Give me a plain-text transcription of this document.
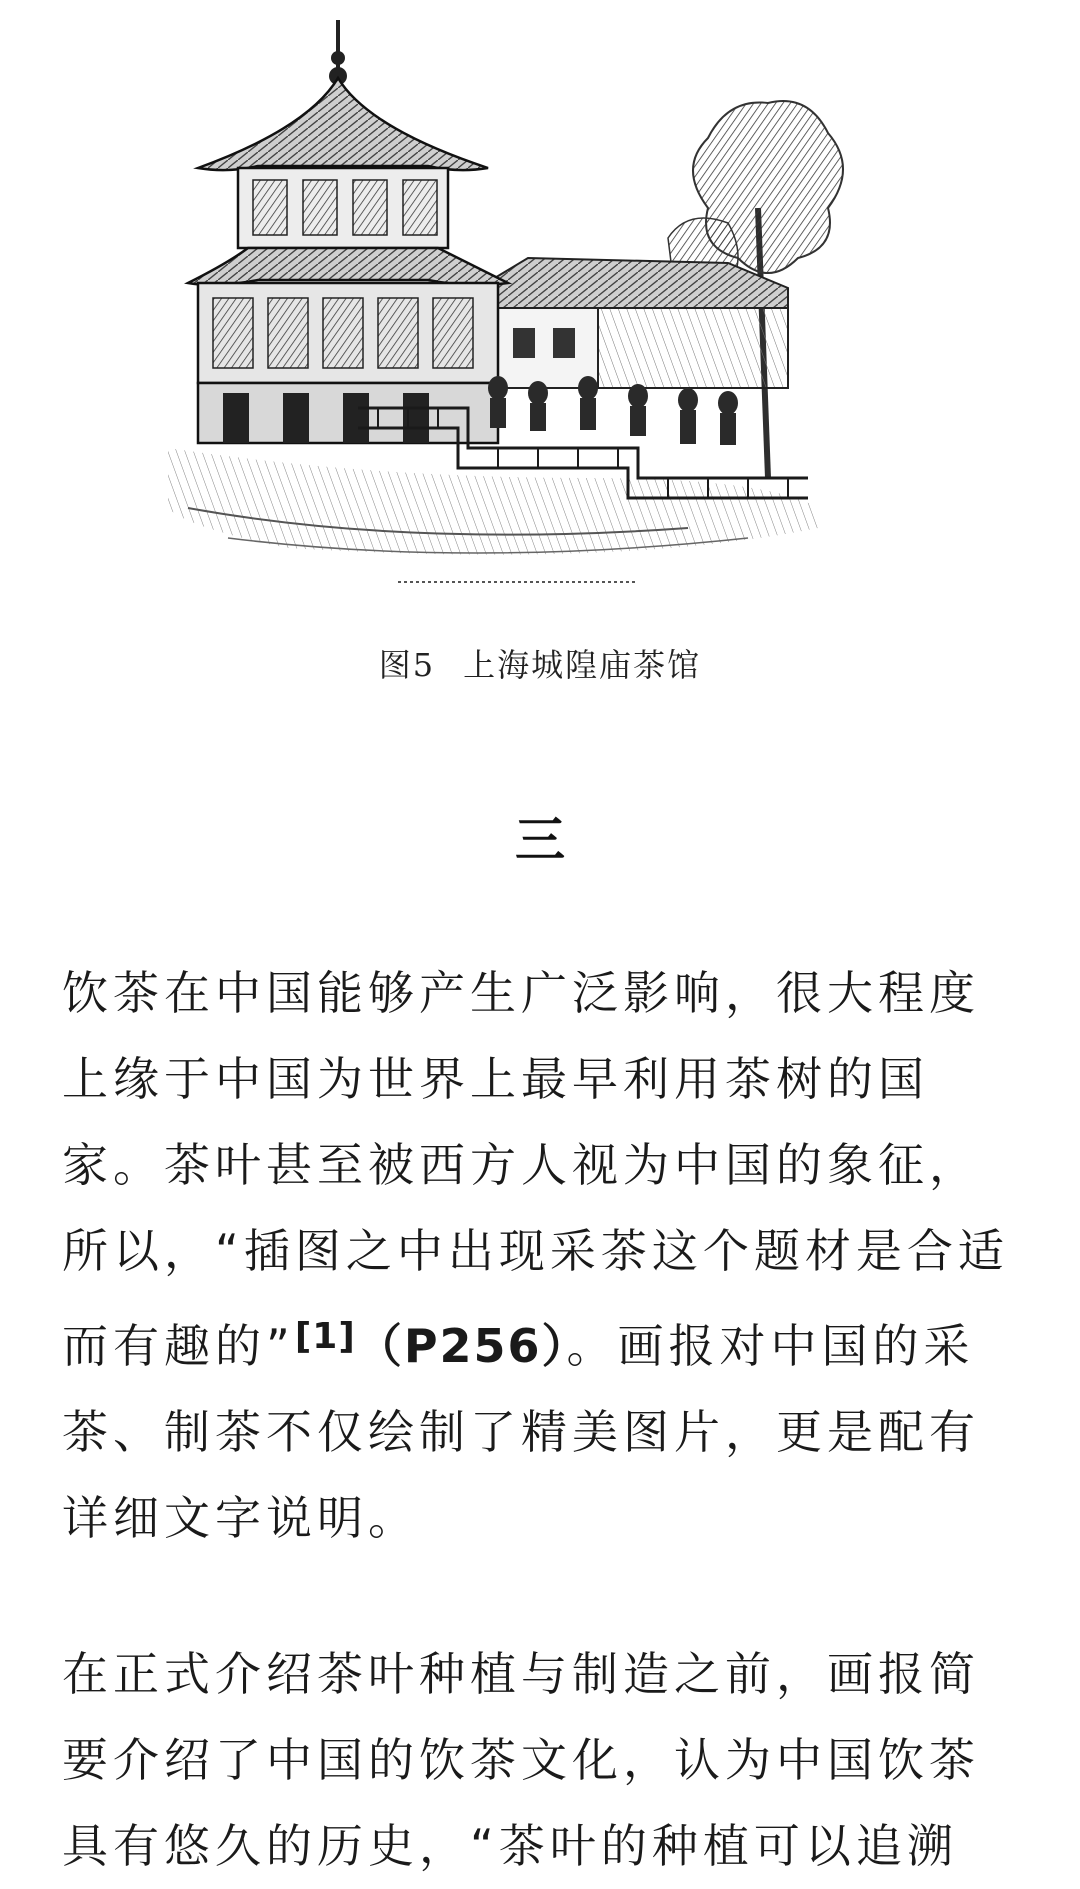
图5 上海城隍庙茶馆
三

饮茶在中国能够产生广泛影响，很大程度上缘于中国为世界上最早利用茶树的国家。茶叶甚至被西方人视为中国的象征，所以，“插图之中出现采茶这个题材是合适而有趣的”[1]（P256）。画报对中国的采茶、制茶不仅绘制了精美图片，更是配有详细文字说明。

在正式介绍茶叶种植与制造之前，画报简要介绍了中国的饮茶文化，认为中国饮茶具有悠久的历史，“茶叶的种植可以追溯
